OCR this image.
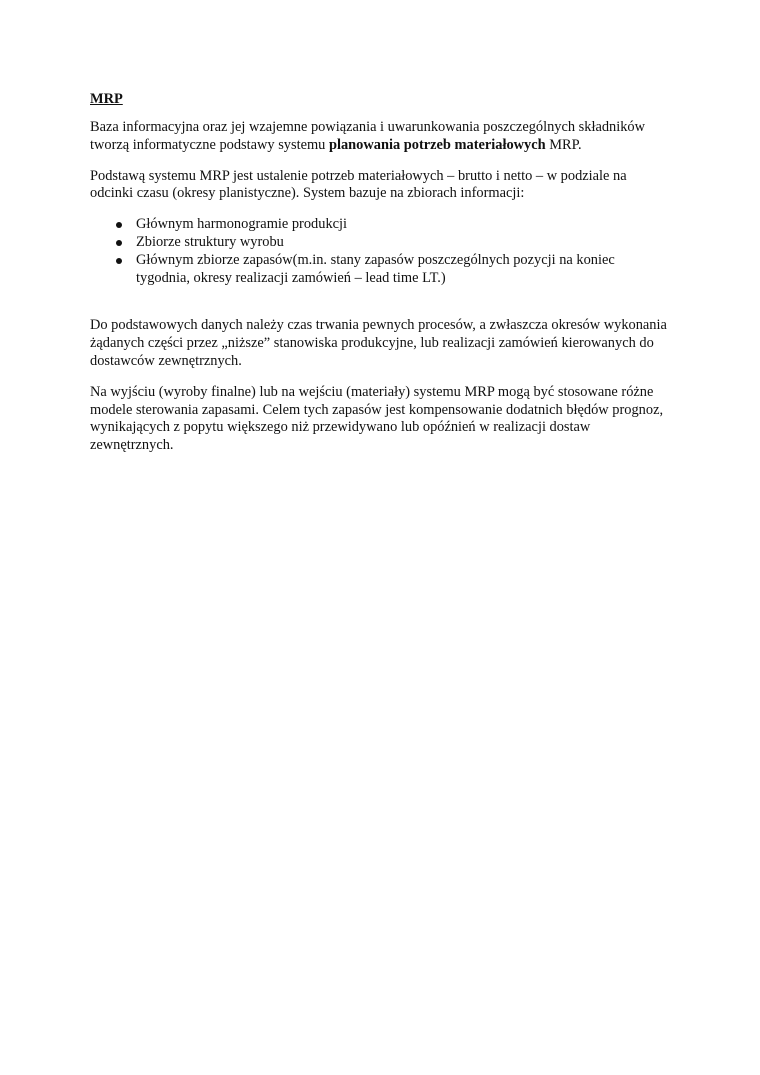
MRP

Baza informacyjna oraz jej wzajemne powiązania i uwarunkowania poszczególnych składników tworzą informatyczne podstawy systemu planowania potrzeb materiałowych MRP.

Podstawą systemu MRP jest ustalenie potrzeb materiałowych – brutto i netto – w podziale na odcinki czasu (okresy planistyczne). System bazuje na zbiorach informacji:

Głównym harmonogramie produkcji
Zbiorze struktury wyrobu
Głównym zbiorze zapasów(m.in. stany zapasów poszczególnych pozycji na koniec tygodnia, okresy realizacji zamówień – lead time LT.)

Do podstawowych danych należy czas trwania pewnych procesów, a zwłaszcza okresów wykonania żądanych części przez „niższe” stanowiska produkcyjne, lub realizacji zamówień kierowanych do dostawców zewnętrznych.

Na wyjściu (wyroby finalne) lub na wejściu (materiały) systemu MRP mogą być stosowane różne modele sterowania zapasami. Celem tych zapasów jest kompensowanie dodatnich błędów prognoz, wynikających z popytu większego niż przewidywano lub opóźnień w realizacji dostaw zewnętrznych.
